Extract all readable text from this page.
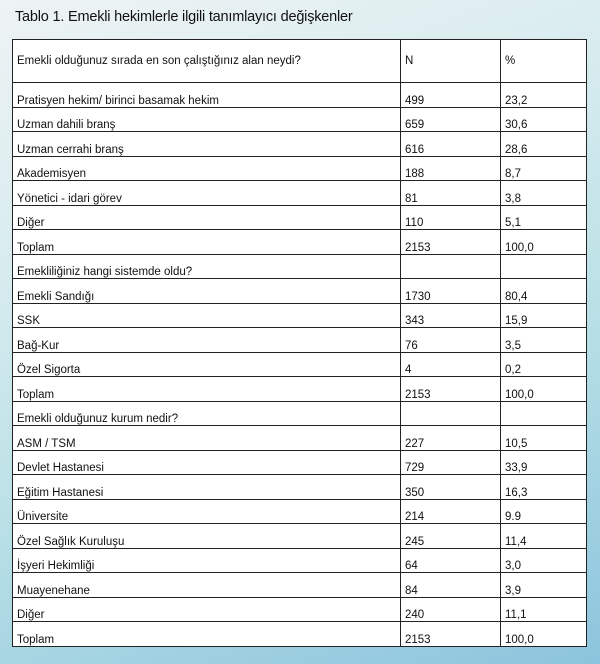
Tablo 1. Emekli hekimlerle ilgili tanımlayıcı değişkenler
Emekli olduğunuz sırada en son çalıştığınız alan neydi?	N	%
Pratisyen hekim/ birinci basamak hekim	499	23,2
Uzman dahili branş	659	30,6
Uzman cerrahi branş	616	28,6
Akademisyen	188	8,7
Yönetici - idari görev	81	3,8
Diğer	110	5,1
Toplam	2153	100,0
Emekliliğiniz hangi sistemde oldu?		
Emekli Sandığı	1730	80,4
SSK	343	15,9
Bağ-Kur	76	3,5
Özel Sigorta	4	0,2
Toplam	2153	100,0
Emekli olduğunuz kurum nedir?		
ASM / TSM	227	10,5
Devlet Hastanesi	729	33,9
Eğitim Hastanesi	350	16,3
Üniversite	214	9.9
Özel Sağlık Kuruluşu	245	11,4
İşyeri Hekimliği	64	3,0
Muayenehane	84	3,9
Diğer	240	11,1
Toplam	2153	100,0
